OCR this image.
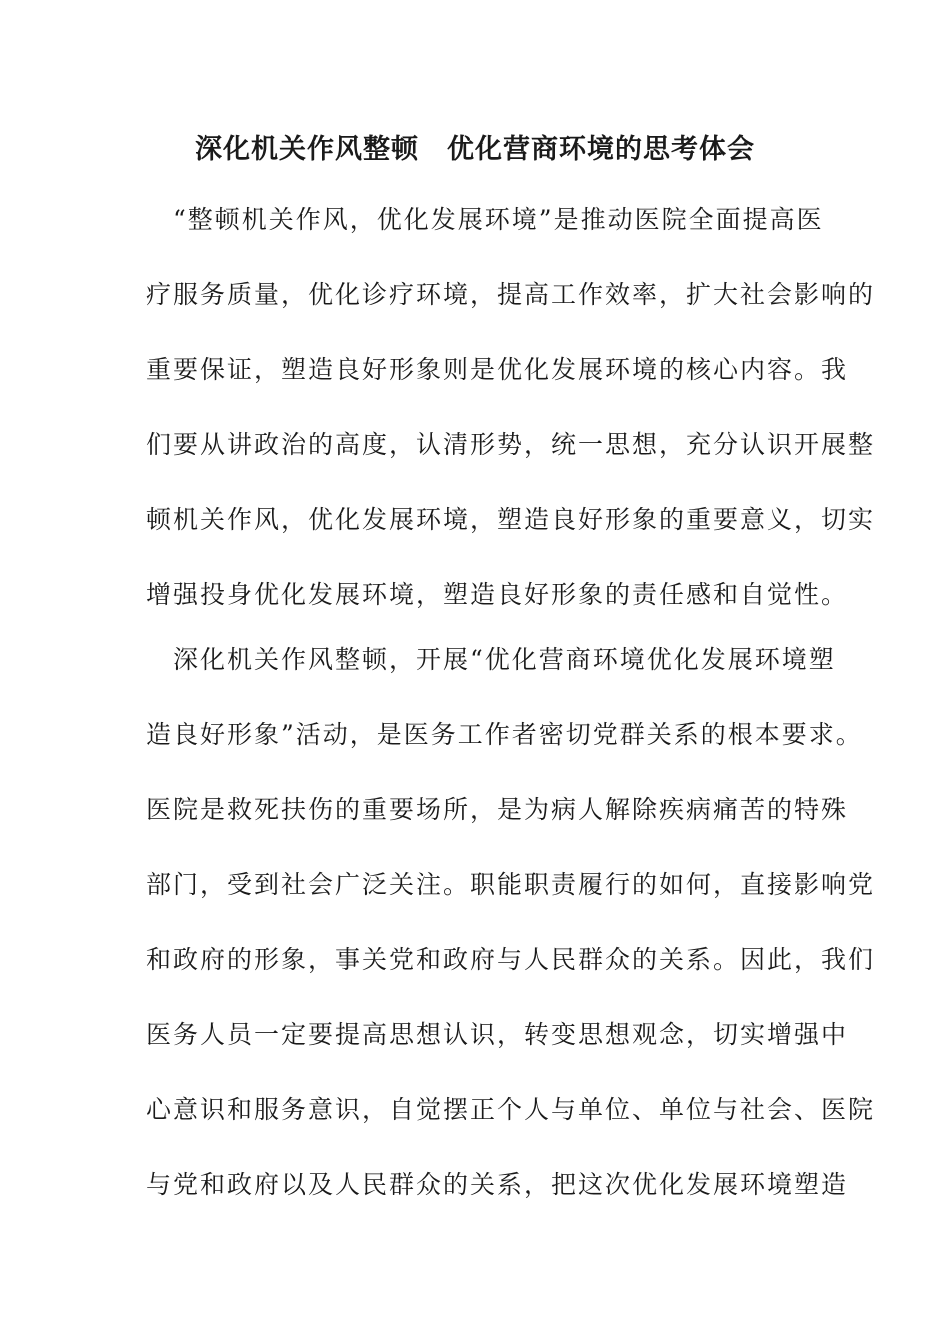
深化机关作风整顿　优化营商环境的思考体会
　“整顿机关作风，优化发展环境”是推动医院全面提高医
疗服务质量，优化诊疗环境，提高工作效率，扩大社会影响的
重要保证，塑造良好形象则是优化发展环境的核心内容。我
们要从讲政治的高度，认清形势，统一思想，充分认识开展整
顿机关作风，优化发展环境，塑造良好形象的重要意义，切实
增强投身优化发展环境，塑造良好形象的责任感和自觉性。
　深化机关作风整顿，开展“优化营商环境优化发展环境塑
造良好形象”活动，是医务工作者密切党群关系的根本要求。
医院是救死扶伤的重要场所，是为病人解除疾病痛苦的特殊
部门，受到社会广泛关注。职能职责履行的如何，直接影响党
和政府的形象，事关党和政府与人民群众的关系。因此，我们
医务人员一定要提高思想认识，转变思想观念，切实增强中
心意识和服务意识，自觉摆正个人与单位、单位与社会、医院
与党和政府以及人民群众的关系，把这次优化发展环境塑造
